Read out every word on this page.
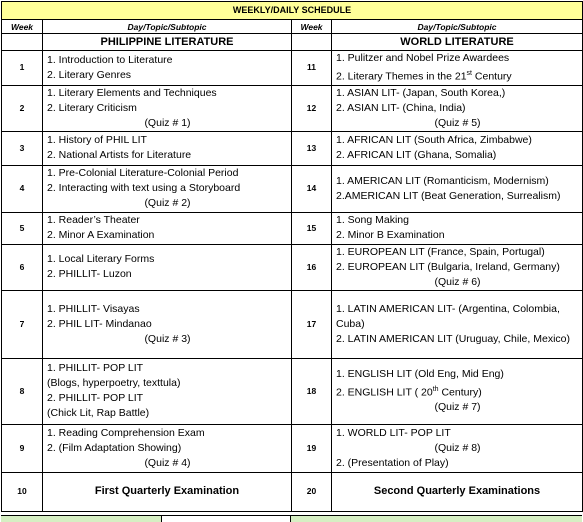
WEEKLY/DAILY SCHEDULE			
Week	Day/Topic/Subtopic	Week	Day/Topic/Subtopic
	PHILIPPINE LITERATURE		WORLD LITERATURE
1	1. Introduction to Literature
2. Literary Genres	11	1. Pulitzer and Nobel Prize Awardees
2. Literary Themes in the 21st Century

2	1. Literary Elements and Techniques
2. Literary Criticism
(Quiz # 1)	12	1. ASIAN LIT- (Japan, South Korea,)
2. ASIAN LIT- (China, India)
(Quiz # 5)

3	1. History of PHIL LIT
2. National Artists for Literature	13	1. AFRICAN LIT (South Africa, Zimbabwe)
2. AFRICAN LIT (Ghana, Somalia)

4	1. Pre-Colonial Literature-Colonial Period
2. Interacting with text using a Storyboard
(Quiz # 2)	14	1. AMERICAN LIT (Romanticism, Modernism)
2.AMERICAN LIT (Beat Generation, Surrealism)

5	1. Reader’s Theater
2. Minor A Examination	15	1. Song Making
2. Minor B Examination

6	1. Local Literary Forms
2. PHILLIT- Luzon	16	1. EUROPEAN LIT (France, Spain, Portugal)
2. EUROPEAN LIT (Bulgaria, Ireland, Germany)
(Quiz # 6)

7	1. PHILLIT- Visayas
2. PHIL LIT- Mindanao
(Quiz # 3)	17	1. LATIN AMERICAN LIT- (Argentina, Colombia, Cuba)
2. LATIN AMERICAN LIT (Uruguay, Chile, Mexico)

8	1. PHILLIT- POP LIT
(Blogs, hyperpoetry, texttula)
2. PHILLIT- POP LIT
(Chick Lit, Rap Battle)	18	1. ENGLISH LIT (Old Eng, Mid Eng)
2. ENGLISH LIT ( 20th Century)
(Quiz # 7)

9	1. Reading Comprehension Exam
2. (Film Adaptation Showing)
(Quiz # 4)	19	1. WORLD LIT- POP LIT
(Quiz # 8)
2. (Presentation of Play)

10	First Quarterly Examination	20	Second Quarterly Examinations
